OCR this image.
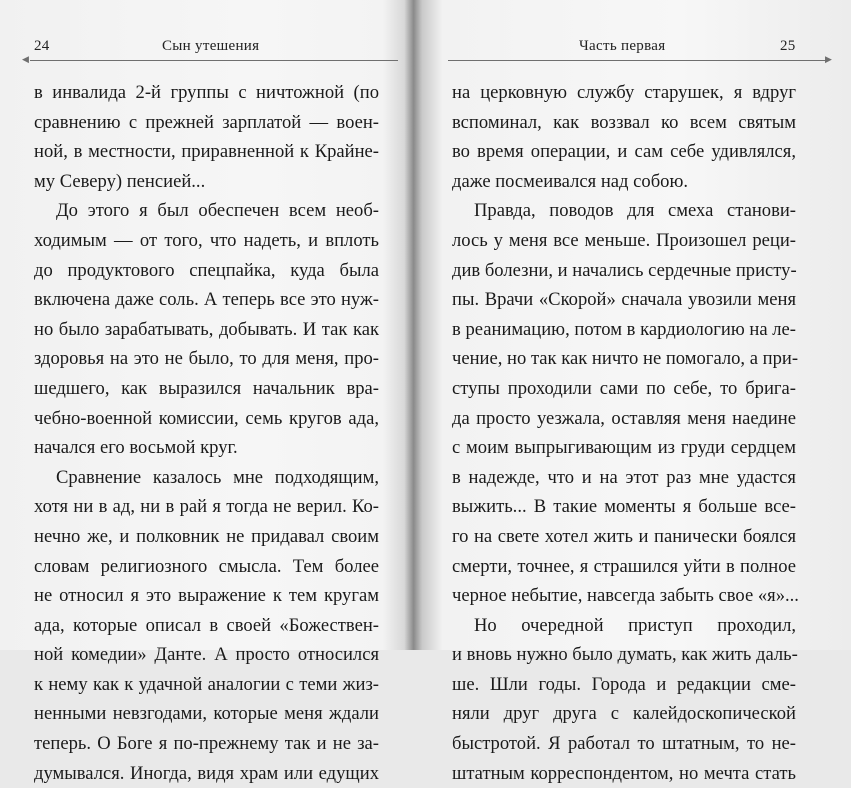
24	Сын утешения
◀
в инвалида 2-й группы с ничтожной (по
сравнению с прежней зарплатой — воен-
ной, в местности, приравненной к Крайне-
му Северу) пенсией...
До этого я был обеспечен всем необ-
ходимым — от того, что надеть, и вплоть
до продуктового спецпайка, куда была
включена даже соль. А теперь все это нуж-
но было зарабатывать, добывать. И так как
здоровья на это не было, то для меня, про-
шедшего, как выразился начальник вра-
чебно-военной комиссии, семь кругов ада,
начался его восьмой круг.
Сравнение казалось мне подходящим,
хотя ни в ад, ни в рай я тогда не верил. Ко-
нечно же, и полковник не придавал своим
словам религиозного смысла. Тем более
не относил я это выражение к тем кругам
ада, которые описал в своей «Божествен-
ной комедии» Данте. А просто относился
к нему как к удачной аналогии с теми жиз-
ненными невзгодами, которые меня ждали
теперь. О Боге я по-прежнему так и не за-
думывался. Иногда, видя храм или едущих
Часть первая	25
▶
на церковную службу старушек, я вдруг
вспоминал, как воззвал ко всем святым
во время операции, и сам себе удивлялся,
даже посмеивался над собою.
Правда, поводов для смеха станови-
лось у меня все меньше. Произошел реци-
див болезни, и начались сердечные присту-
пы. Врачи «Скорой» сначала увозили меня
в реанимацию, потом в кардиологию на ле-
чение, но так как ничто не помогало, а при-
ступы проходили сами по себе, то брига-
да просто уезжала, оставляя меня наедине
с моим выпрыгивающим из груди сердцем
в надежде, что и на этот раз мне удастся
выжить... В такие моменты я больше все-
го на свете хотел жить и панически боялся
смерти, точнее, я страшился уйти в полное
черное небытие, навсегда забыть свое «я»...
Но очередной приступ проходил,
и вновь нужно было думать, как жить даль-
ше. Шли годы. Города и редакции сме-
няли друг друга с калейдоскопической
быстротой. Я работал то штатным, то не-
штатным корреспондентом, но мечта стать
